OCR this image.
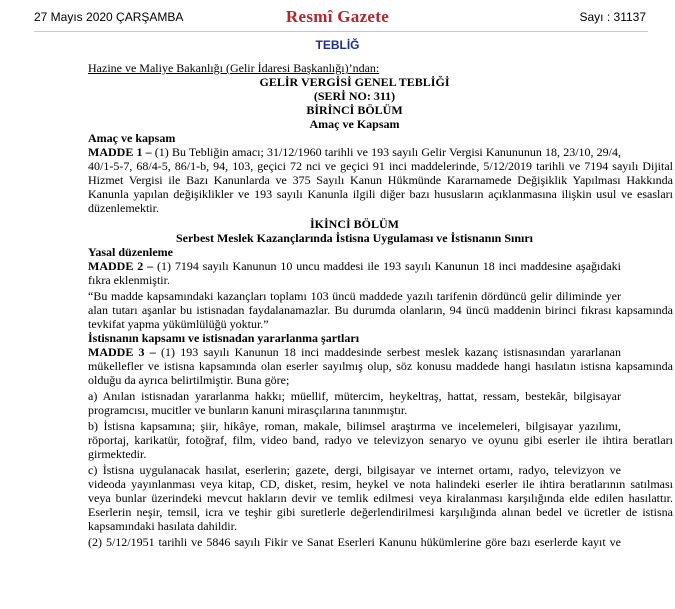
27 Mayıs 2020 ÇARŞAMBA	Resmî Gazete	Sayı : 31137
TEBLİĞ

Hazine ve Maliye Bakanlığı (Gelir İdaresi Başkanlığı)’ndan:

GELİR VERGİSİ GENEL TEBLİĞİ

(SERİ NO: 311)

BİRİNCİ BÖLÜM

Amaç ve Kapsam

Amaç ve kapsam

MADDE 1 – (1) Bu Tebliğin amacı; 31/12/1960 tarihli ve 193 sayılı Gelir Vergisi Kanununun 18, 23/10, 29/4,

40/1-5-7, 68/4-5, 86/1-b, 94, 103, geçici 72 nci ve geçici 91 inci maddelerinde, 5/12/2019 tarihli ve 7194 sayılı Dijital

Hizmet Vergisi ile Bazı Kanunlarda ve 375 Sayılı Kanun Hükmünde Kararnamede Değişiklik Yapılması Hakkında

Kanunla yapılan değişiklikler ve 193 sayılı Kanunla ilgili diğer bazı hususların açıklanmasına ilişkin usul ve esasları

düzenlemektir.

İKİNCİ BÖLÜM

Serbest Meslek Kazançlarında İstisna Uygulaması ve İstisnanın Sınırı

Yasal düzenleme

MADDE 2 – (1) 7194 sayılı Kanunun 10 uncu maddesi ile 193 sayılı Kanunun 18 inci maddesine aşağıdaki

fıkra eklenmiştir.

“Bu madde kapsamındaki kazançları toplamı 103 üncü maddede yazılı tarifenin dördüncü gelir diliminde yer

alan tutarı aşanlar bu istisnadan faydalanamazlar. Bu durumda olanların, 94 üncü maddenin birinci fıkrası kapsamında

tevkifat yapma yükümlülüğü yoktur.”

İstisnanın kapsamı ve istisnadan yararlanma şartları

MADDE 3 – (1) 193 sayılı Kanunun 18 inci maddesinde serbest meslek kazanç istisnasından yararlanan

mükellefler ve istisna kapsamında olan eserler sayılmış olup, söz konusu maddede hangi hasılatın istisna kapsamında

olduğu da ayrıca belirtilmiştir. Buna göre;

a) Anılan istisnadan yararlanma hakkı; müellif, mütercim, heykeltraş, hattat, ressam, bestekâr, bilgisayar

programcısı, mucitler ve bunların kanuni mirasçılarına tanınmıştır.

b) İstisna kapsamına; şiir, hikâye, roman, makale, bilimsel araştırma ve incelemeleri, bilgisayar yazılımı,

röportaj, karikatür, fotoğraf, film, video band, radyo ve televizyon senaryo ve oyunu gibi eserler ile ihtira beratları

girmektedir.

c) İstisna uygulanacak hasılat, eserlerin; gazete, dergi, bilgisayar ve internet ortamı, radyo, televizyon ve

videoda yayınlanması veya kitap, CD, disket, resim, heykel ve nota halindeki eserler ile ihtira beratlarının satılması

veya bunlar üzerindeki mevcut hakların devir ve temlik edilmesi veya kiralanması karşılığında elde edilen hasılattır.

Eserlerin neşir, temsil, icra ve teşhir gibi suretlerle değerlendirilmesi karşılığında alınan bedel ve ücretler de istisna

kapsamındaki hasılata dahildir.

(2) 5/12/1951 tarihli ve 5846 sayılı Fikir ve Sanat Eserleri Kanunu hükümlerine göre bazı eserlerde kayıt ve
